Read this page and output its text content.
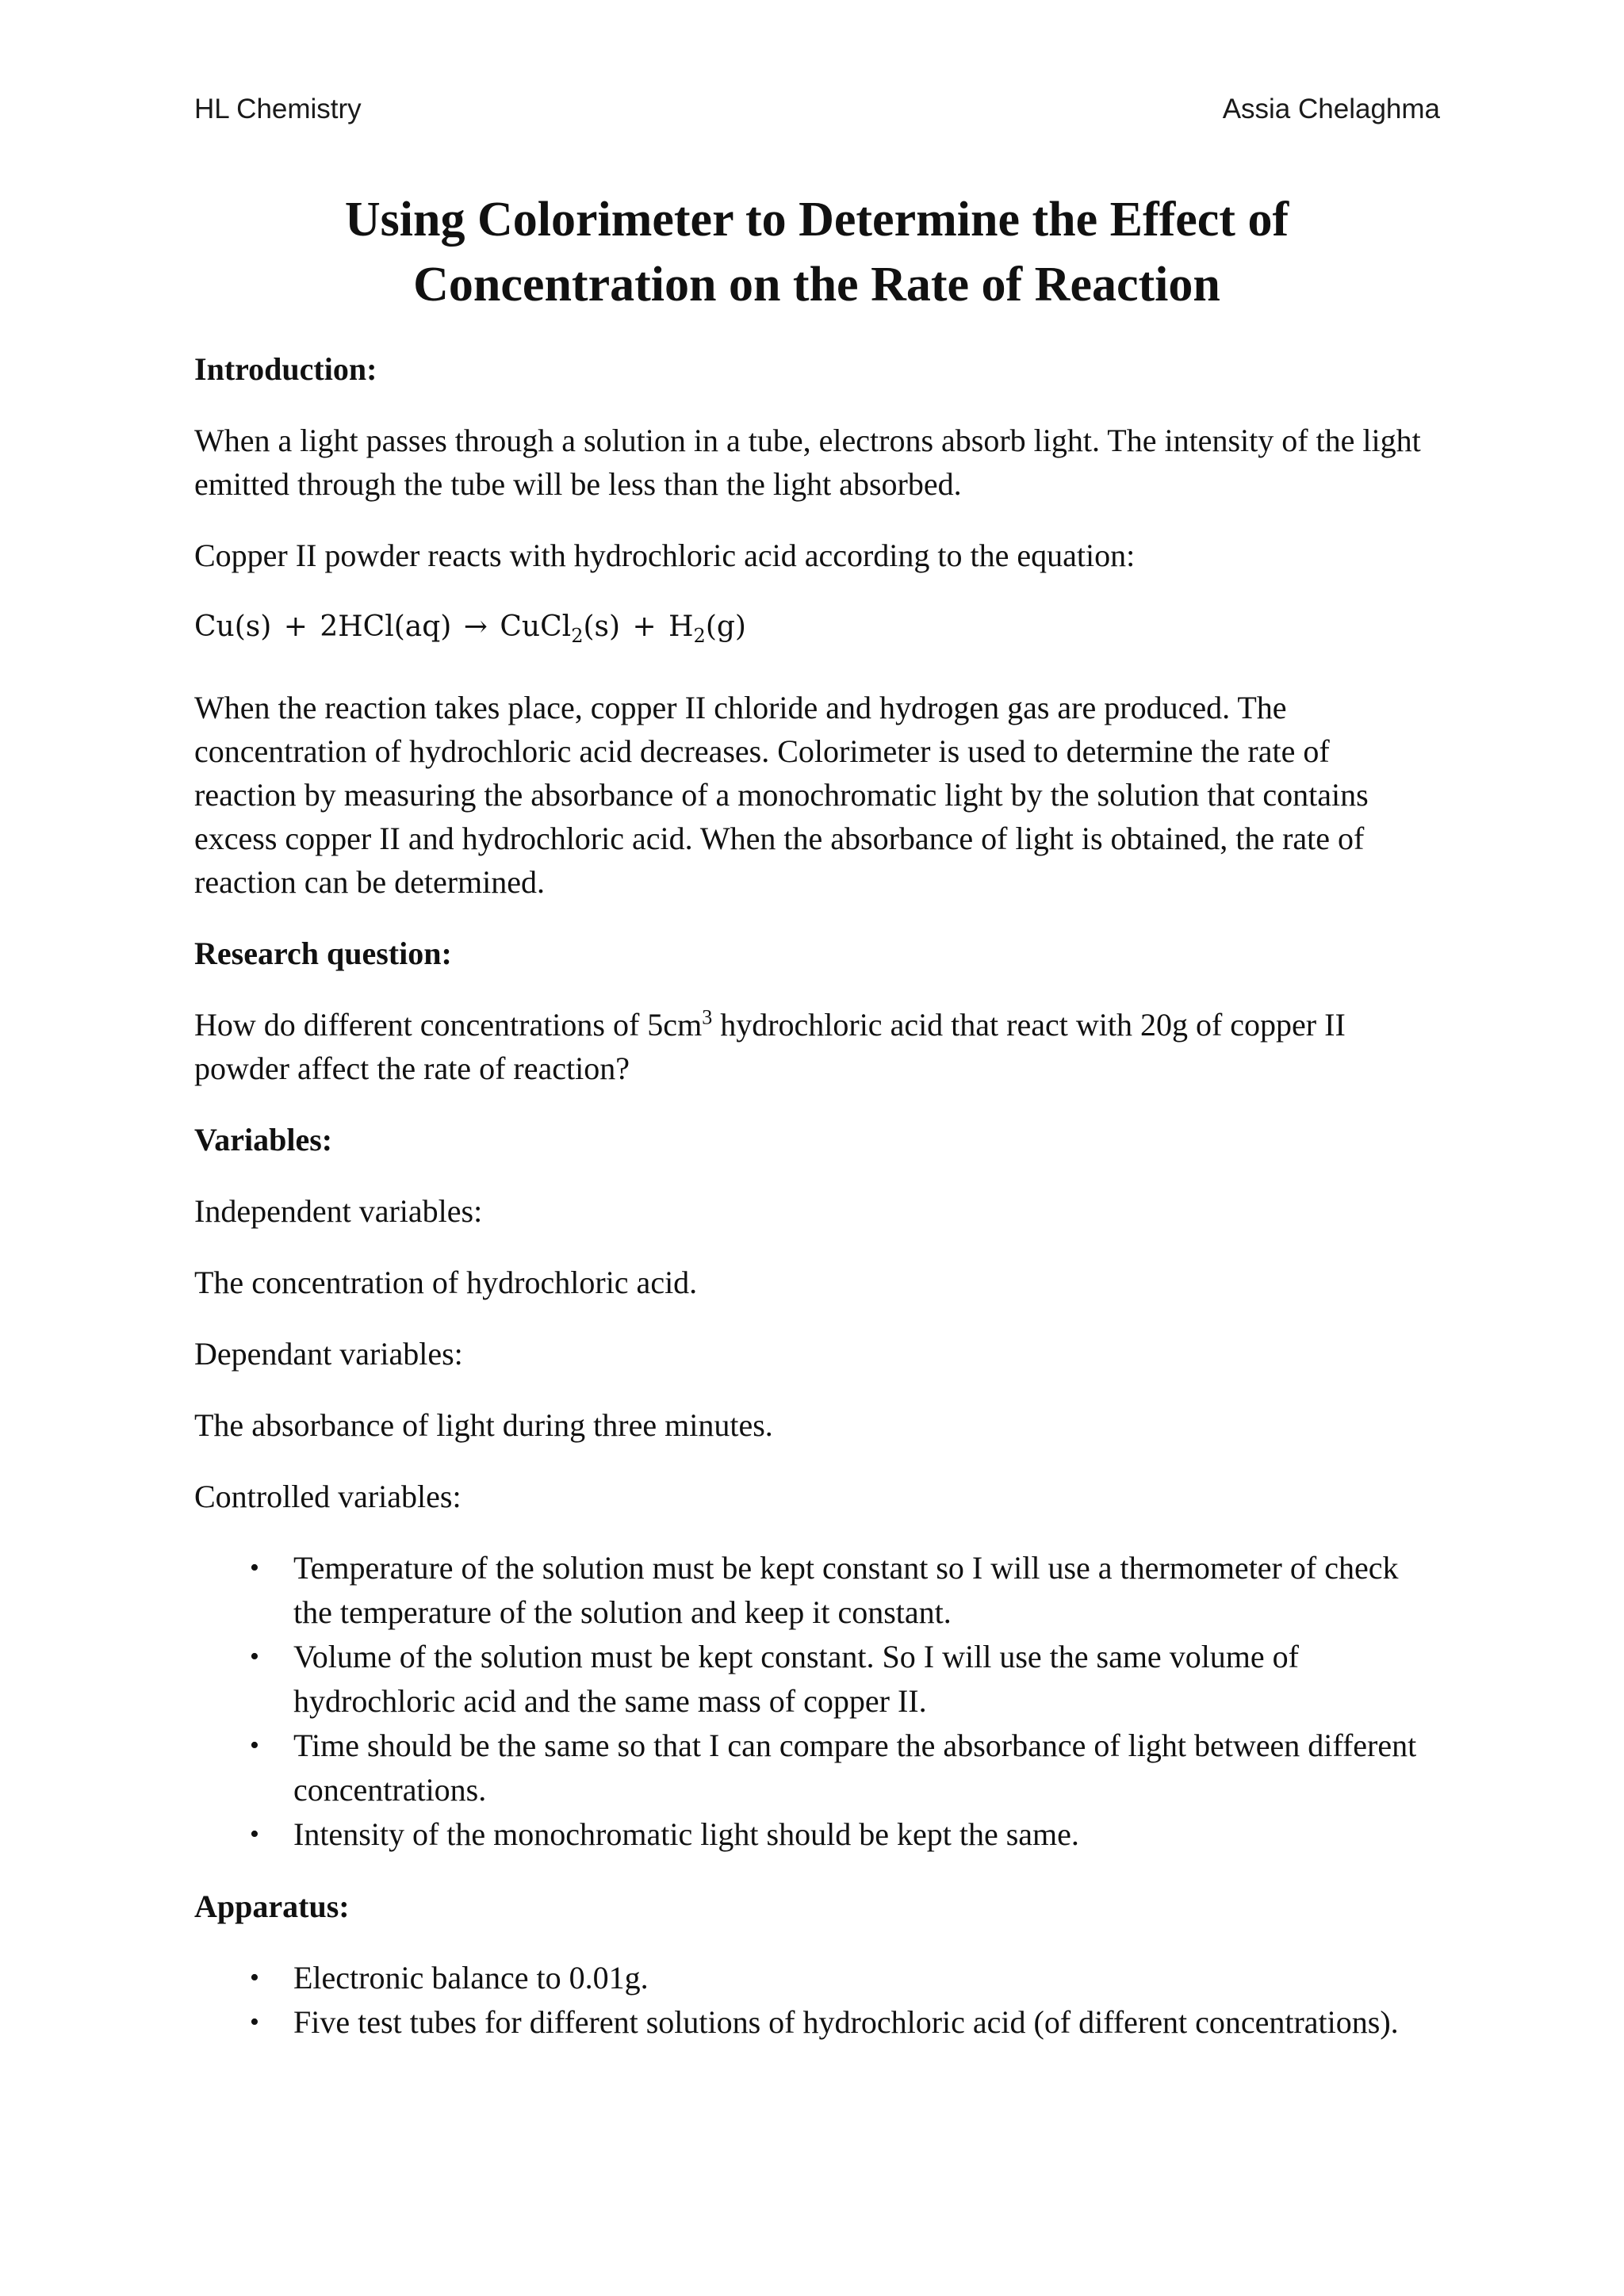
HL Chemistry	Assia Chelaghma
Using Colorimeter to Determine the Effect of
Concentration on the Rate of Reaction
Introduction:

When a light passes through a solution in a tube, electrons absorb light. The intensity of the light emitted through the tube will be less than the light absorbed.

Copper II powder reacts with hydrochloric acid according to the equation:

Cu(s) + 2HCl(aq) → CuCl$_2$(s) + $H_2(g)$

When the reaction takes place, copper II chloride and hydrogen gas are produced. The concentration of hydrochloric acid decreases. Colorimeter is used to determine the rate of reaction by measuring the absorbance of a monochromatic light by the solution that contains excess copper II and hydrochloric acid. When the absorbance of light is obtained, the rate of reaction can be determined.

Research question:

How do different concentrations of $5cm^3$ hydrochloric acid that react with 20g of copper II powder affect the rate of reaction?

Variables:

Independent variables:

The concentration of hydrochloric acid.

Dependant variables:

The absorbance of light during three minutes.

Controlled variables:

• Temperature of the solution must be kept constant so I will use a thermometer of check the temperature of the solution and keep it constant.
• Volume of the solution must be kept constant. So I will use the same volume of hydrochloric acid and the same mass of copper II.
• Time should be the same so that I can compare the absorbance of light between different concentrations.
• Intensity of the monochromatic light should be kept the same.
Apparatus:
• Electronic balance to 0.01g.
• Five test tubes for different solutions of hydrochloric acid (of different concentrations).
